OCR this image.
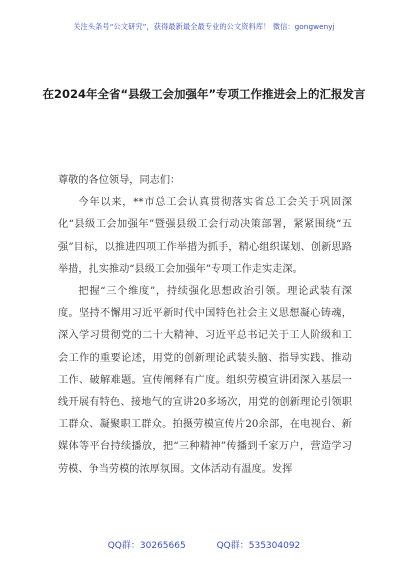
关注头条号“公文研究”，获得最新最全最专业的公文资料库！ 微信：gongwenyj
在2024年全省“县级工会加强年”专项工作推进会上的汇报发言

尊敬的各位领导，同志们：

今年以来，**市总工会认真贯彻落实省总工会关于巩固深化“县级工会加强年”暨强县级工会行动决策部署，紧紧围绕“五强”目标，以推进四项工作举措为抓手，精心组织谋划、创新思路举措，扎实推动“县级工会加强年”专项工作走实走深。

把握“三个维度”，持续强化思想政治引领。理论武装有深度。坚持不懈用习近平新时代中国特色社会主义思想凝心铸魂，深入学习贯彻党的二十大精神、习近平总书记关于工人阶级和工会工作的重要论述，用党的创新理论武装头脑、指导实践、推动工作、破解难题。宣传阐释有广度。组织劳模宣讲团深入基层一线开展有特色、接地气的宣讲20多场次，用党的创新理论引领职工群众、凝聚职工群众。拍摄劳模宣传片20余部，在电视台、新媒体等平台持续播放，把“三种精神”传播到千家万户，营造学习劳模、争当劳模的浓厚氛围。文体活动有温度。发挥

QQ群：30265665	QQ群：535304092
